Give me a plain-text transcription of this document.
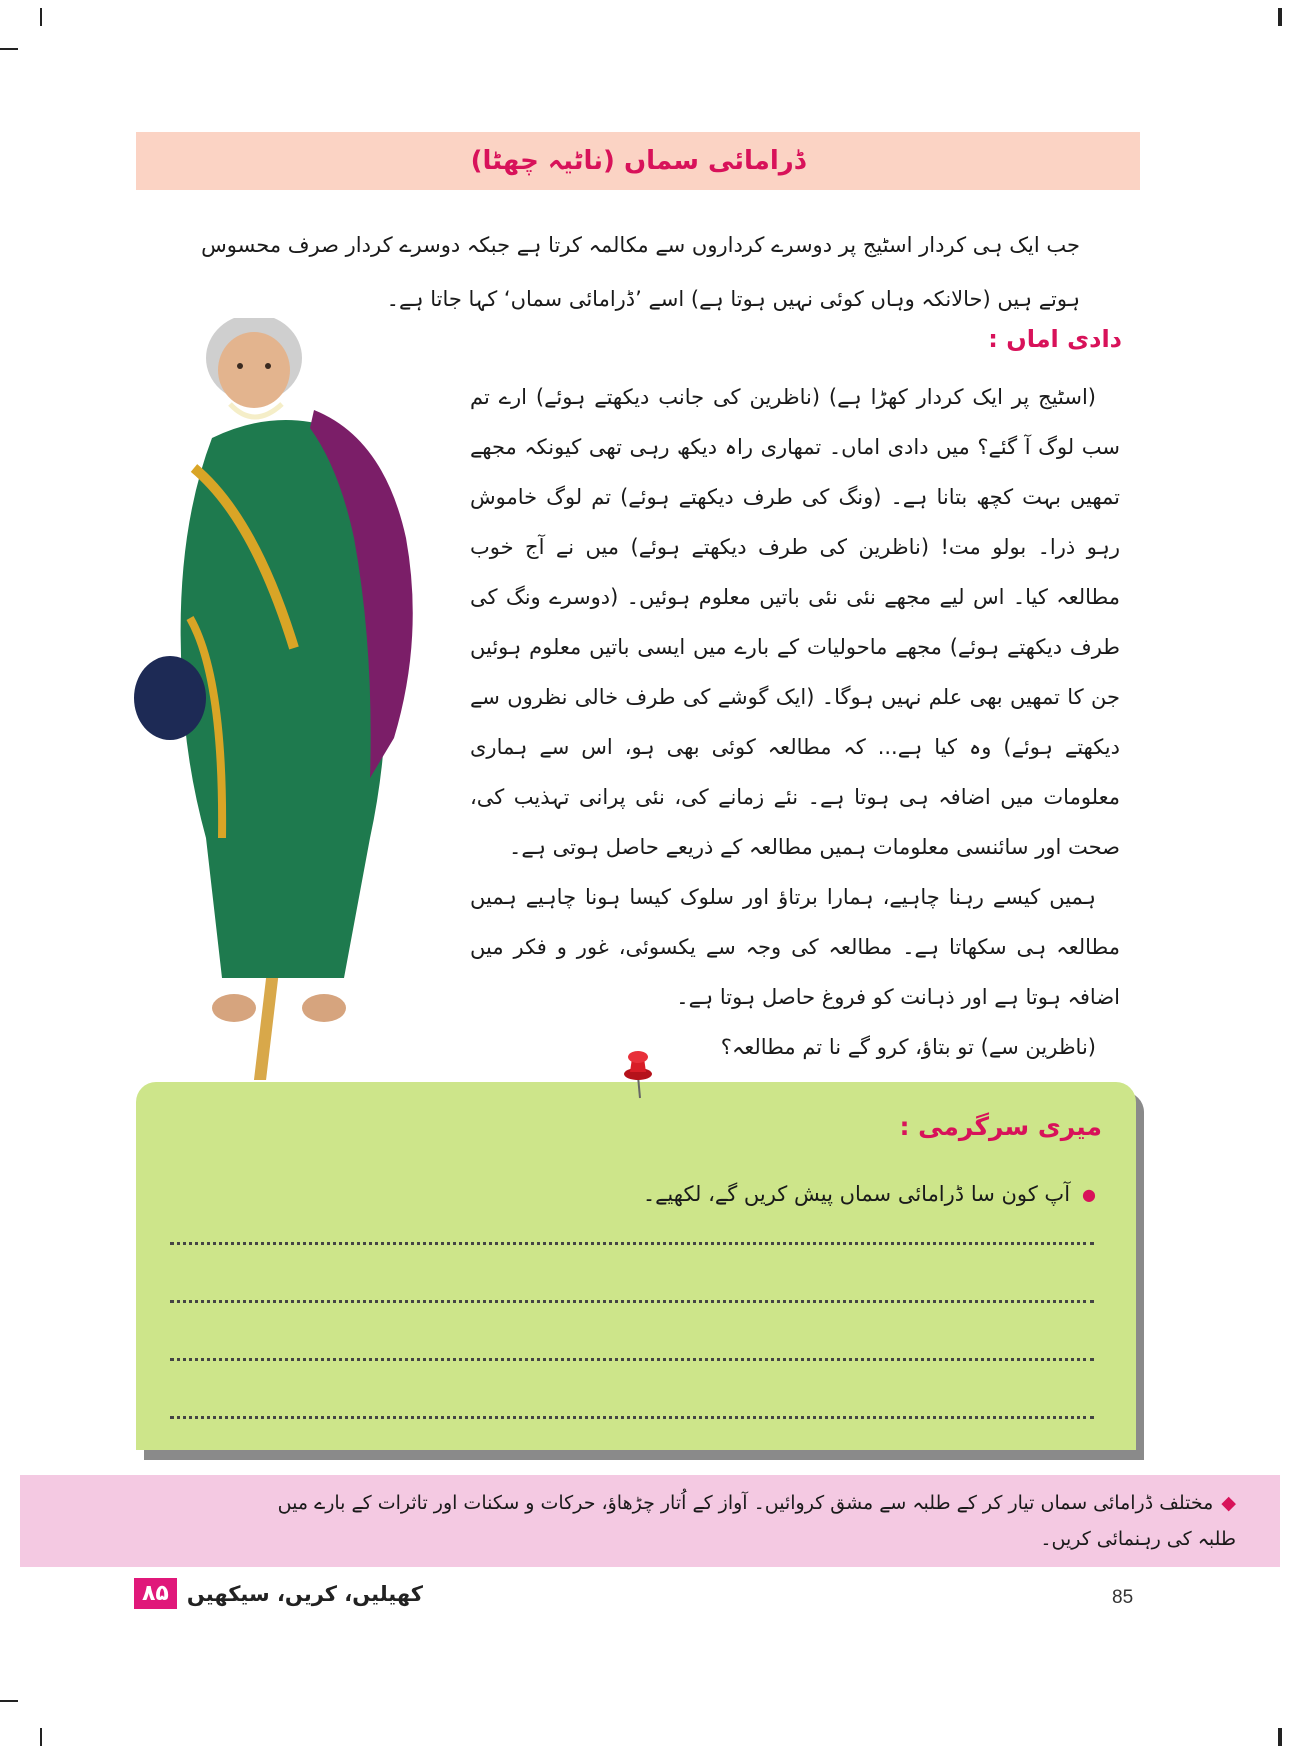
ڈرامائی سماں (ناٹیہ چھٹا)
جب ایک ہی کردار اسٹیج پر دوسرے کرداروں سے مکالمہ کرتا ہے جبکہ دوسرے کردار صرف محسوس ہوتے ہیں (حالانکہ وہاں کوئی نہیں ہوتا ہے) اسے ’ڈرامائی سماں‘ کہا جاتا ہے۔
دادی اماں :

(اسٹیج پر ایک کردار کھڑا ہے) (ناظرین کی جانب دیکھتے ہوئے) ارے تم سب لوگ آ گئے؟ میں دادی اماں۔ تمھاری راہ دیکھ رہی تھی کیونکہ مجھے تمھیں بہت کچھ بتانا ہے۔ (ونگ کی طرف دیکھتے ہوئے) تم لوگ خاموش رہو ذرا۔ بولو مت! (ناظرین کی طرف دیکھتے ہوئے) میں نے آج خوب مطالعہ کیا۔ اس لیے مجھے نئی نئی باتیں معلوم ہوئیں۔ (دوسرے ونگ کی طرف دیکھتے ہوئے) مجھے ماحولیات کے بارے میں ایسی باتیں معلوم ہوئیں جن کا تمھیں بھی علم نہیں ہوگا۔ (ایک گوشے کی طرف خالی نظروں سے دیکھتے ہوئے) وہ کیا ہے... کہ مطالعہ کوئی بھی ہو، اس سے ہماری معلومات میں اضافہ ہی ہوتا ہے۔ نئے زمانے کی، نئی پرانی تہذیب کی، صحت اور سائنسی معلومات ہمیں مطالعہ کے ذریعے حاصل ہوتی ہے۔

ہمیں کیسے رہنا چاہیے، ہمارا برتاؤ اور سلوک کیسا ہونا چاہیے ہمیں مطالعہ ہی سکھاتا ہے۔ مطالعہ کی وجہ سے یکسوئی، غور و فکر میں اضافہ ہوتا ہے اور ذہانت کو فروغ حاصل ہوتا ہے۔

(ناظرین سے) تو بتاؤ، کرو گے نا تم مطالعہ؟

میری سرگرمی :
●
آپ کون سا ڈرامائی سماں پیش کریں گے، لکھیے۔
◆مختلف ڈرامائی سماں تیار کر کے طلبہ سے مشق کروائیں۔ آواز کے اُتار چڑھاؤ، حرکات و سکنات اور تاثرات کے بارے میں طلبہ کی رہنمائی کریں۔
85
کھیلیں، کریں، سیکھیں
۸۵
